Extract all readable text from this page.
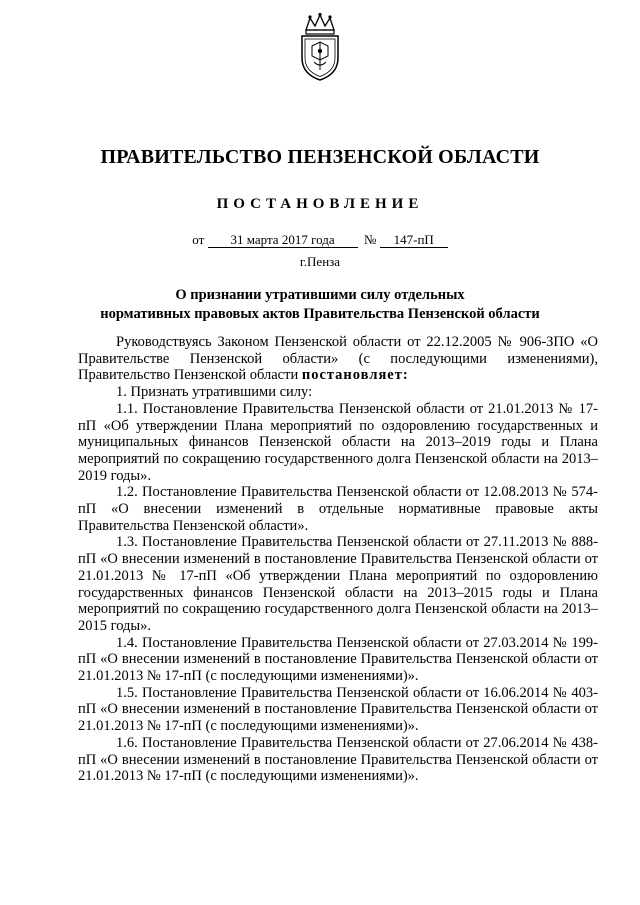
ПРАВИТЕЛЬСТВО ПЕНЗЕНСКОЙ ОБЛАСТИ
ПОСТАНОВЛЕНИЕ
от 31 марта 2017 года № 147-пП
г.Пенза
О признании утратившими силу отдельных
нормативных правовых актов Правительства Пензенской области

Руководствуясь Законом Пензенской области от 22.12.2005 № 906-ЗПО «О Правительстве Пензенской области» (с последующими изменениями), Правительство Пензенской области постановляет:

1. Признать утратившими силу:

1.1. Постановление Правительства Пензенской области от 21.01.2013 № 17-пП «Об утверждении Плана мероприятий по оздоровлению государственных и муниципальных финансов Пензенской области на 2013–2019 годы и Плана мероприятий по сокращению государственного долга Пензенской области на 2013–2019 годы».

1.2. Постановление Правительства Пензенской области от 12.08.2013 № 574-пП «О внесении изменений в отдельные нормативные правовые акты Правительства Пензенской области».

1.3. Постановление Правительства Пензенской области от 27.11.2013 № 888-пП «О внесении изменений в постановление Правительства Пензенской области от 21.01.2013 № 17-пП «Об утверждении Плана мероприятий по оздоровлению государственных финансов Пензенской области на 2013–2015 годы и Плана мероприятий по сокращению государственного долга Пензенской области на 2013–2015 годы».

1.4. Постановление Правительства Пензенской области от 27.03.2014 № 199-пП «О внесении изменений в постановление Правительства Пензенской области от 21.01.2013 № 17-пП (с последующими изменениями)».

1.5. Постановление Правительства Пензенской области от 16.06.2014 № 403-пП «О внесении изменений в постановление Правительства Пензенской области от 21.01.2013 № 17-пП (с последующими изменениями)».

1.6. Постановление Правительства Пензенской области от 27.06.2014 № 438-пП «О внесении изменений в постановление Правительства Пензенской области от 21.01.2013 № 17-пП (с последующими изменениями)».
